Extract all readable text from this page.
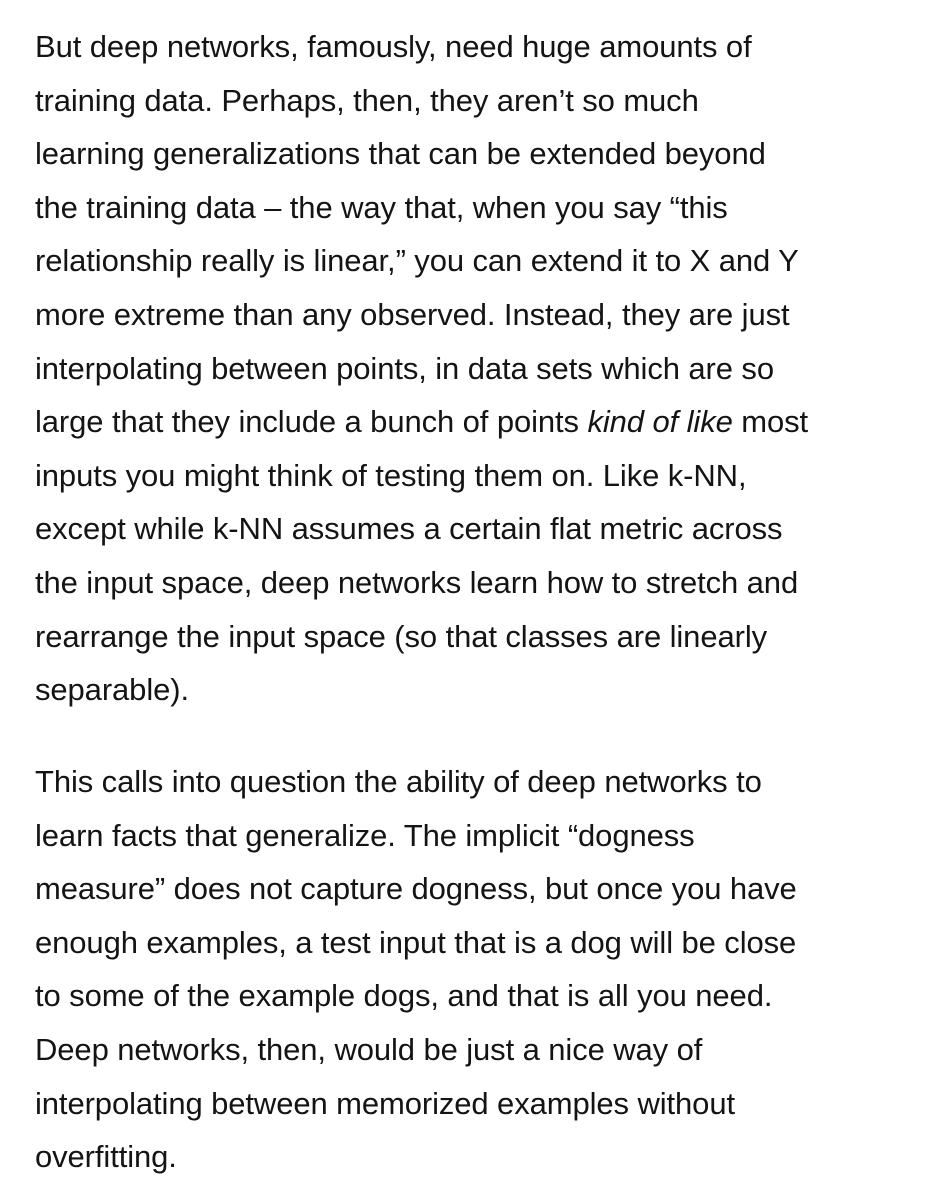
But deep networks, famously, need huge amounts of
training data. Perhaps, then, they aren’t so much
learning generalizations that can be extended beyond
the training data – the way that, when you say “this
relationship really is linear,” you can extend it to X and Y
more extreme than any observed. Instead, they are just
interpolating between points, in data sets which are so
large that they include a bunch of points kind of like most
inputs you might think of testing them on. Like k-NN,
except while k-NN assumes a certain flat metric across
the input space, deep networks learn how to stretch and
rearrange the input space (so that classes are linearly
separable).

This calls into question the ability of deep networks to
learn facts that generalize. The implicit “dogness
measure” does not capture dogness, but once you have
enough examples, a test input that is a dog will be close
to some of the example dogs, and that is all you need.
Deep networks, then, would be just a nice way of
interpolating between memorized examples without
overfitting.
